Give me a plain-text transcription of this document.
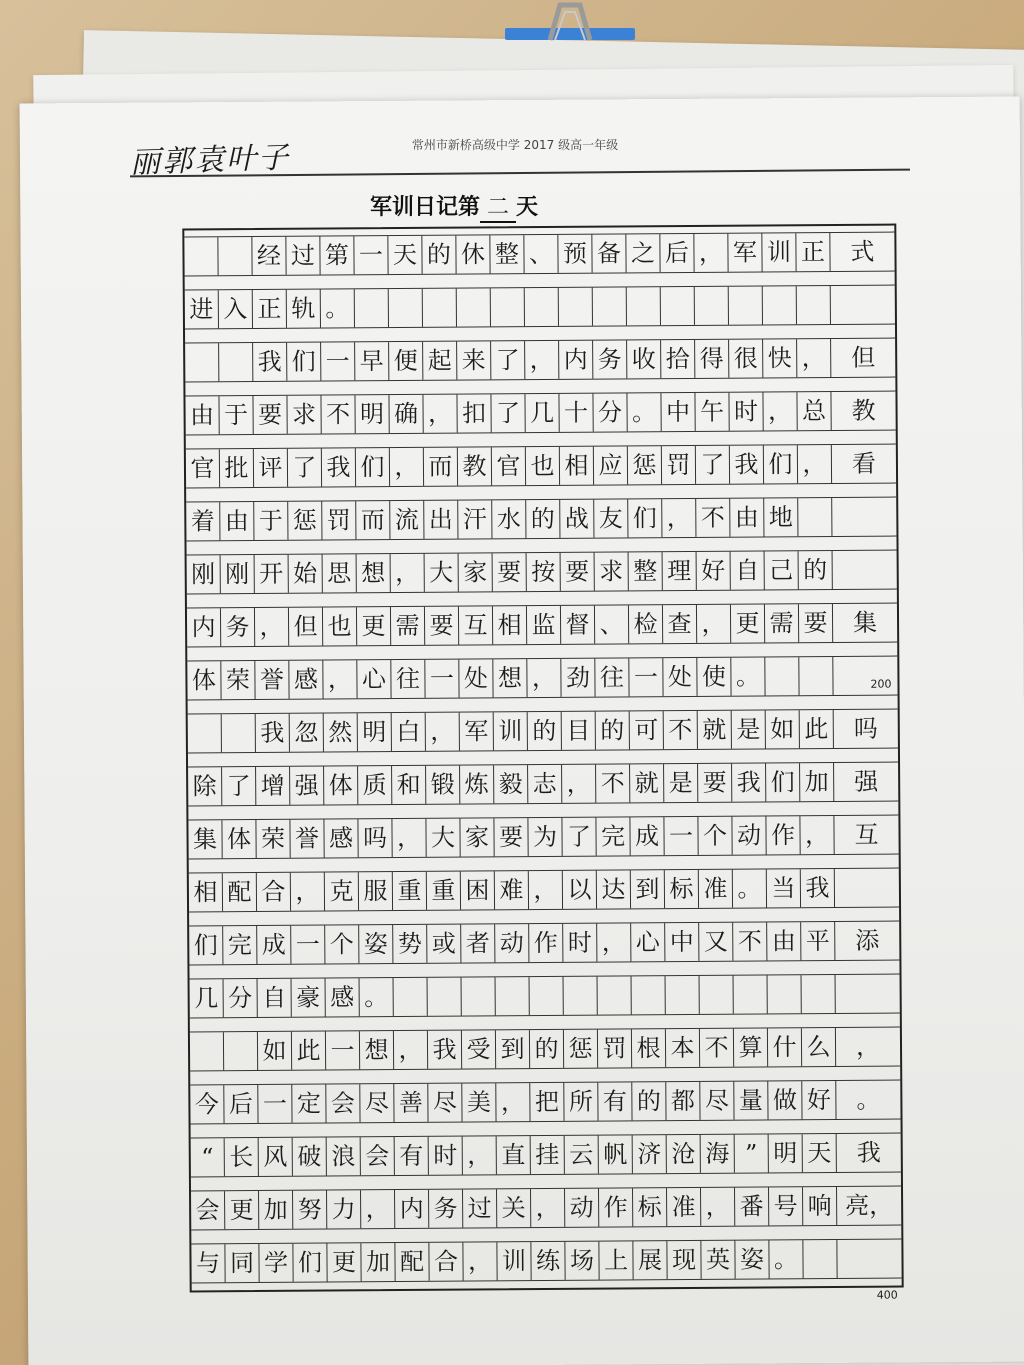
丽郭袁叶子	常州市新桥高级中学 2017 级高一年级
军训日记第 二 天
200
400
经 过 第 一 天 的 休 整 、 预 备 之 后 ， 军 训 正	式
进 入 正 轨 。
我 们 一 早 便 起 来 了 ， 内 务 收 拾 得 很 快 ，	但
由 于 要 求 不 明 确 ， 扣 了 几 十 分 。 中 午 时 ， 总	教
官 批 评 了 我 们 ， 而 教 官 也 相 应 惩 罚 了 我 们 ，	看
着 由 于 惩 罚 而 流 出 汗 水 的 战 友 们 ， 不 由 地
刚 刚 开 始 思 想 ， 大 家 要 按 要 求 整 理 好 自 己 的
内 务 ， 但 也 更 需 要 互 相 监 督 、 检 查 ， 更 需 要	集
体 荣 誉 感 ， 心 往 一 处 想 ， 劲 往 一 处 使 。
我 忽 然 明 白 ， 军 训 的 目 的 可 不 就 是 如 此	吗
除 了 增 强 体 质 和 锻 炼 毅 志 ， 不 就 是 要 我 们 加	强
集 体 荣 誉 感 吗 ， 大 家 要 为 了 完 成 一 个 动 作 ，	互
相 配 合 ， 克 服 重 重 困 难 ， 以 达 到 标 准 。 当 我
们 完 成 一 个 姿 势 或 者 动 作 时 ， 心 中 又 不 由 平	添
几 分 自 豪 感 。
如 此 一 想 ， 我 受 到 的 惩 罚 根 本 不 算 什 么	，
今 后 一 定 会 尽 善 尽 美 ， 把 所 有 的 都 尽 量 做 好	。
“ 长 风 破 浪 会 有 时 ， 直 挂 云 帆 济 沧 海 ” 明 天	我
会 更 加 努 力 ， 内 务 过 关 ， 动 作 标 准 ， 番 号 响 亮，
与 同 学 们 更 加 配 合 ， 训 练 场 上 展 现 英 姿 。
